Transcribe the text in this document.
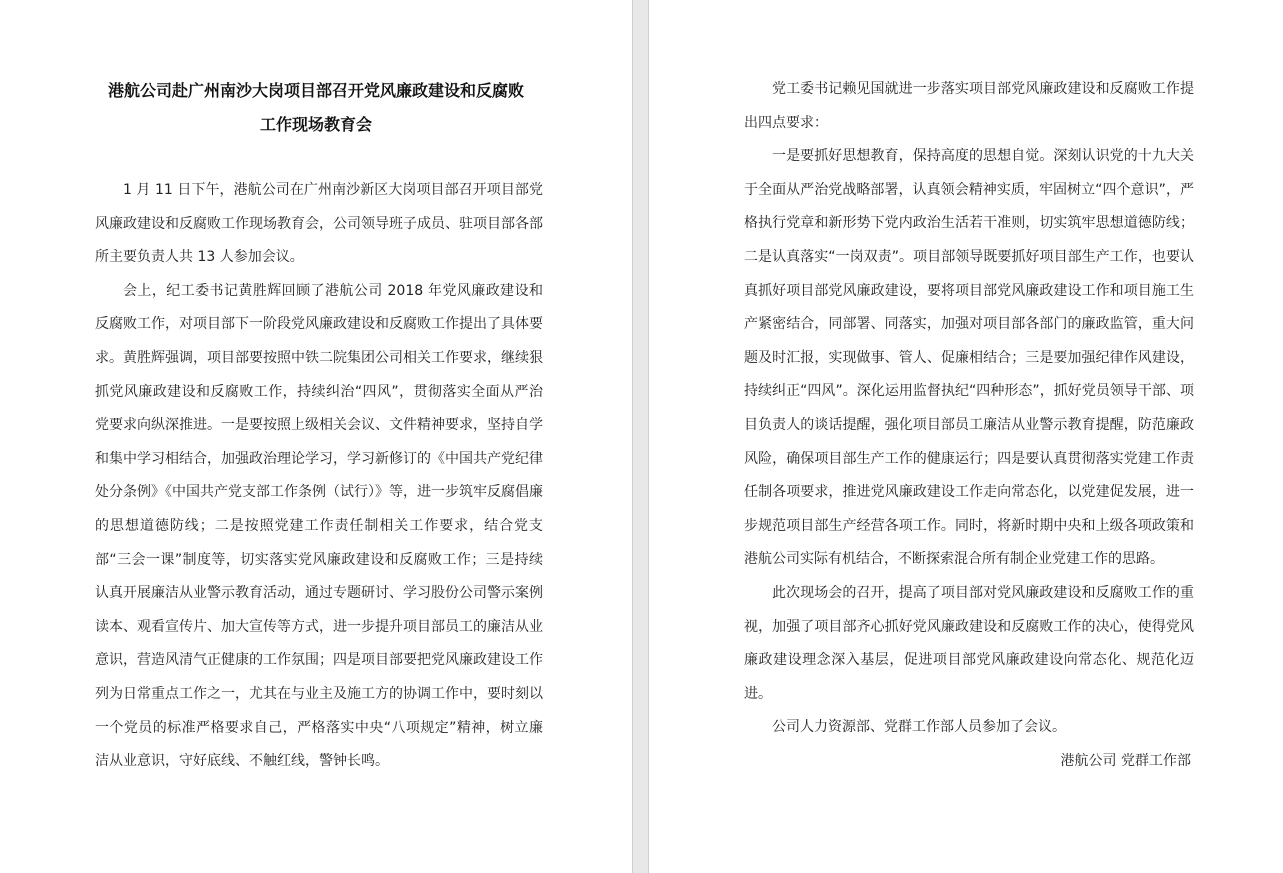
港航公司赴广州南沙大岗项目部召开党风廉政建设和反腐败
工作现场教育会

1 月 11 日下午，港航公司在广州南沙新区大岗项目部召开项目部党风廉政建设和反腐败工作现场教育会，公司领导班子成员、驻项目部各部所主要负责人共 13 人参加会议。

会上，纪工委书记黄胜辉回顾了港航公司 2018 年党风廉政建设和反腐败工作，对项目部下一阶段党风廉政建设和反腐败工作提出了具体要求。黄胜辉强调，项目部要按照中铁二院集团公司相关工作要求，继续狠抓党风廉政建设和反腐败工作，持续纠治“四风”，贯彻落实全面从严治党要求向纵深推进。一是要按照上级相关会议、文件精神要求，坚持自学和集中学习相结合，加强政治理论学习，学习新修订的《中国共产党纪律处分条例》《中国共产党支部工作条例（试行）》等，进一步筑牢反腐倡廉的思想道德防线；二是按照党建工作责任制相关工作要求，结合党支部“三会一课”制度等，切实落实党风廉政建设和反腐败工作；三是持续认真开展廉洁从业警示教育活动，通过专题研讨、学习股份公司警示案例读本、观看宣传片、加大宣传等方式，进一步提升项目部员工的廉洁从业意识，营造风清气正健康的工作氛围；四是项目部要把党风廉政建设工作列为日常重点工作之一，尤其在与业主及施工方的协调工作中，要时刻以一个党员的标准严格要求自己，严格落实中央“八项规定”精神，树立廉洁从业意识，守好底线、不触红线，警钟长鸣。

党工委书记赖见国就进一步落实项目部党风廉政建设和反腐败工作提出四点要求：

一是要抓好思想教育，保持高度的思想自觉。深刻认识党的十九大关于全面从严治党战略部署，认真领会精神实质，牢固树立“四个意识”，严格执行党章和新形势下党内政治生活若干准则，切实筑牢思想道德防线；二是认真落实“一岗双责”。项目部领导既要抓好项目部生产工作，也要认真抓好项目部党风廉政建设，要将项目部党风廉政建设工作和项目施工生产紧密结合，同部署、同落实，加强对项目部各部门的廉政监管，重大问题及时汇报，实现做事、管人、促廉相结合；三是要加强纪律作风建设，持续纠正“四风”。深化运用监督执纪“四种形态”，抓好党员领导干部、项目负责人的谈话提醒，强化项目部员工廉洁从业警示教育提醒，防范廉政风险，确保项目部生产工作的健康运行；四是要认真贯彻落实党建工作责任制各项要求，推进党风廉政建设工作走向常态化，以党建促发展，进一步规范项目部生产经营各项工作。同时，将新时期中央和上级各项政策和港航公司实际有机结合，不断探索混合所有制企业党建工作的思路。

此次现场会的召开，提高了项目部对党风廉政建设和反腐败工作的重视，加强了项目部齐心抓好党风廉政建设和反腐败工作的决心，使得党风廉政建设理念深入基层，促进项目部党风廉政建设向常态化、规范化迈进。

公司人力资源部、党群工作部人员参加了会议。

港航公司 党群工作部
